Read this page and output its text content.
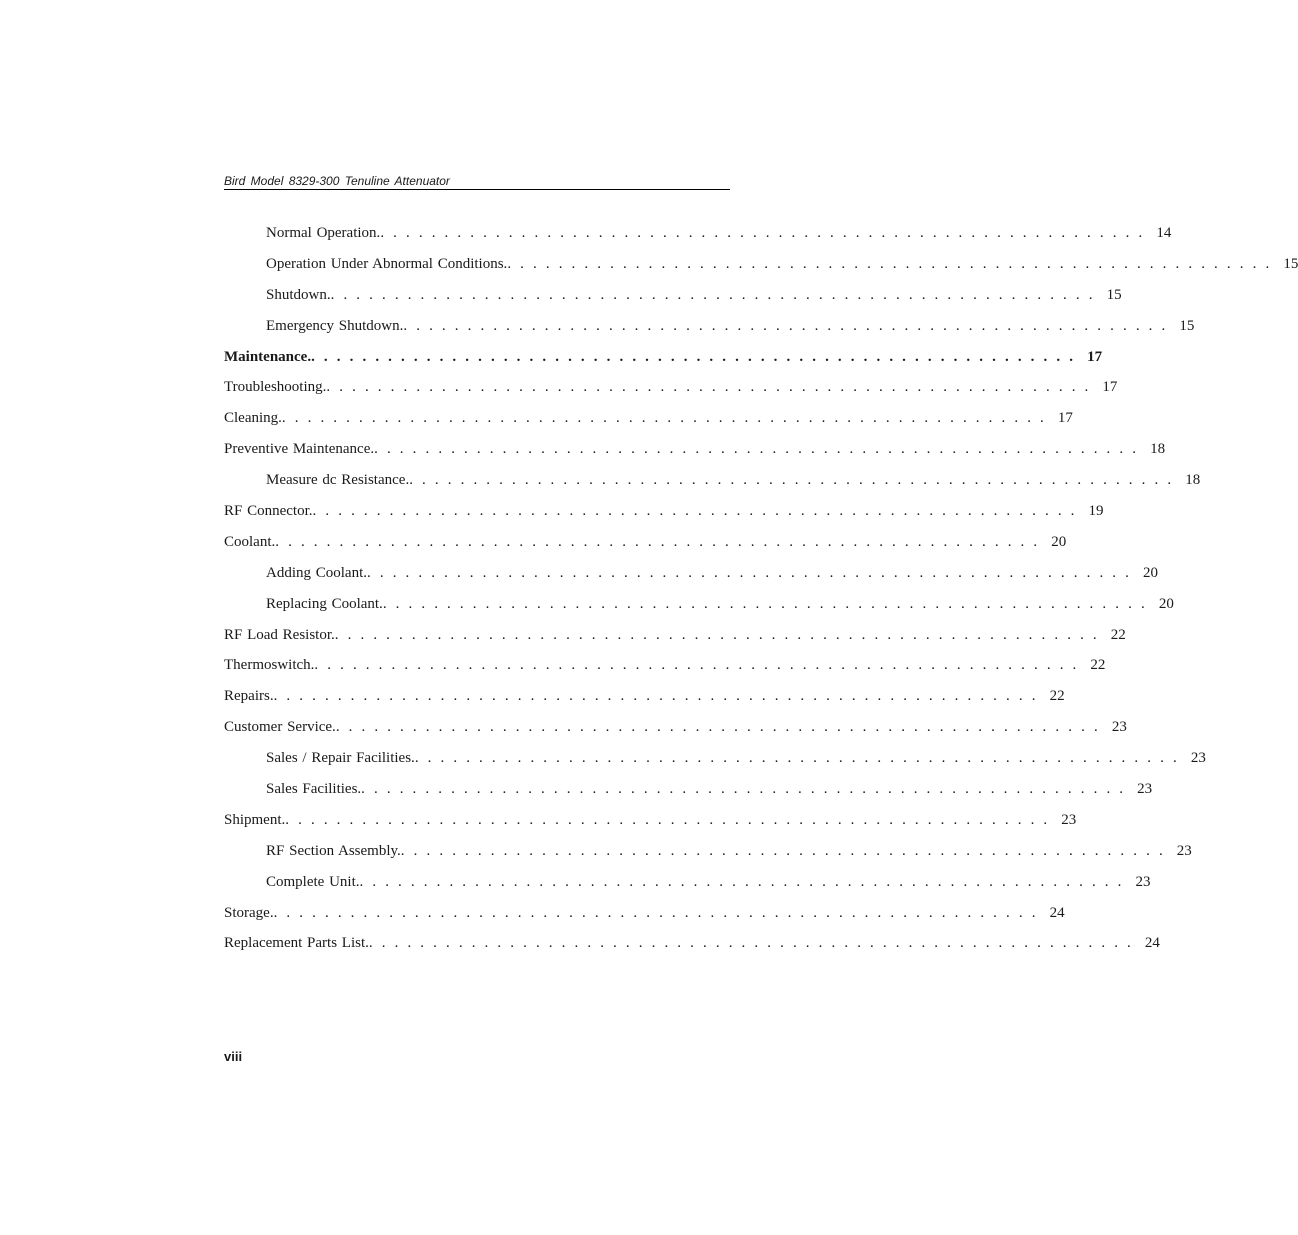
Bird Model 8329-300 Tenuline Attenuator
Normal Operation. ............................................................ 14
Operation Under Abnormal Conditions. ............................................................ 15
Shutdown. ............................................................ 15
Emergency Shutdown. ............................................................ 15
Maintenance. ............................................................ 17
Troubleshooting. ............................................................ 17
Cleaning. ............................................................ 17
Preventive Maintenance. ............................................................ 18
Measure dc Resistance. ............................................................ 18
RF Connector. ............................................................ 19
Coolant. ............................................................ 20
Adding Coolant. ............................................................ 20
Replacing Coolant. ............................................................ 20
RF Load Resistor. ............................................................ 22
Thermoswitch. ............................................................ 22
Repairs. ............................................................ 22
Customer Service. ............................................................ 23
Sales / Repair Facilities. ............................................................ 23
Sales Facilities. ............................................................ 23
Shipment. ............................................................ 23
RF Section Assembly. ............................................................ 23
Complete Unit. ............................................................ 23
Storage. ............................................................ 24
Replacement Parts List. ............................................................ 24
viii
